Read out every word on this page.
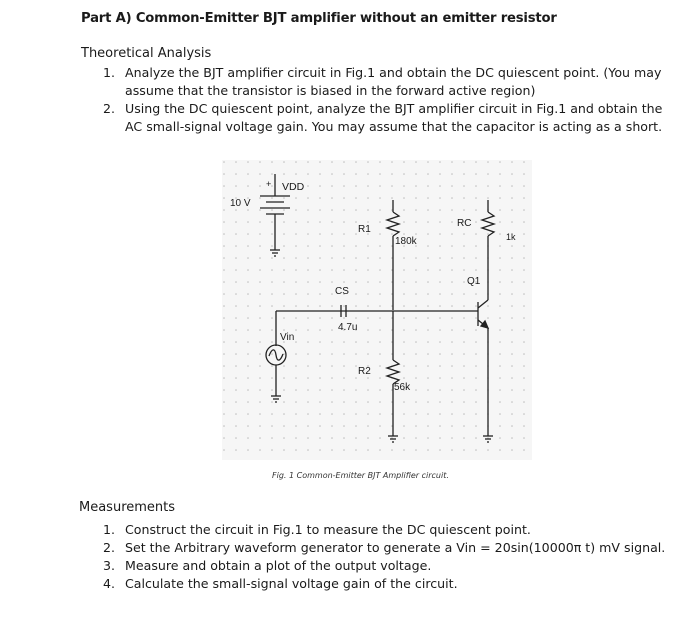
Part A) Common-Emitter BJT amplifier without an emitter resistor
Theoretical Analysis
1. Analyze the BJT amplifier circuit in Fig.1 and obtain the DC quiescent point. (You may assume that the transistor is biased in the forward active region)
2. Using the DC quiescent point, analyze the BJT amplifier circuit in Fig.1 and obtain the AC small-signal voltage gain. You may assume that the capacitor is acting as a short.
+ VDD
10 V
R1
180k
RC
1k
Q1
CS
4.7u
Vin
R2
56k
Fig. 1 Common-Emitter BJT Amplifier circuit.
Measurements
1. Construct the circuit in Fig.1 to measure the DC quiescent point.
2. Set the Arbitrary waveform generator to generate a Vin = 20sin(10000π t) mV signal.
3. Measure and obtain a plot of the output voltage.
4. Calculate the small-signal voltage gain of the circuit.
